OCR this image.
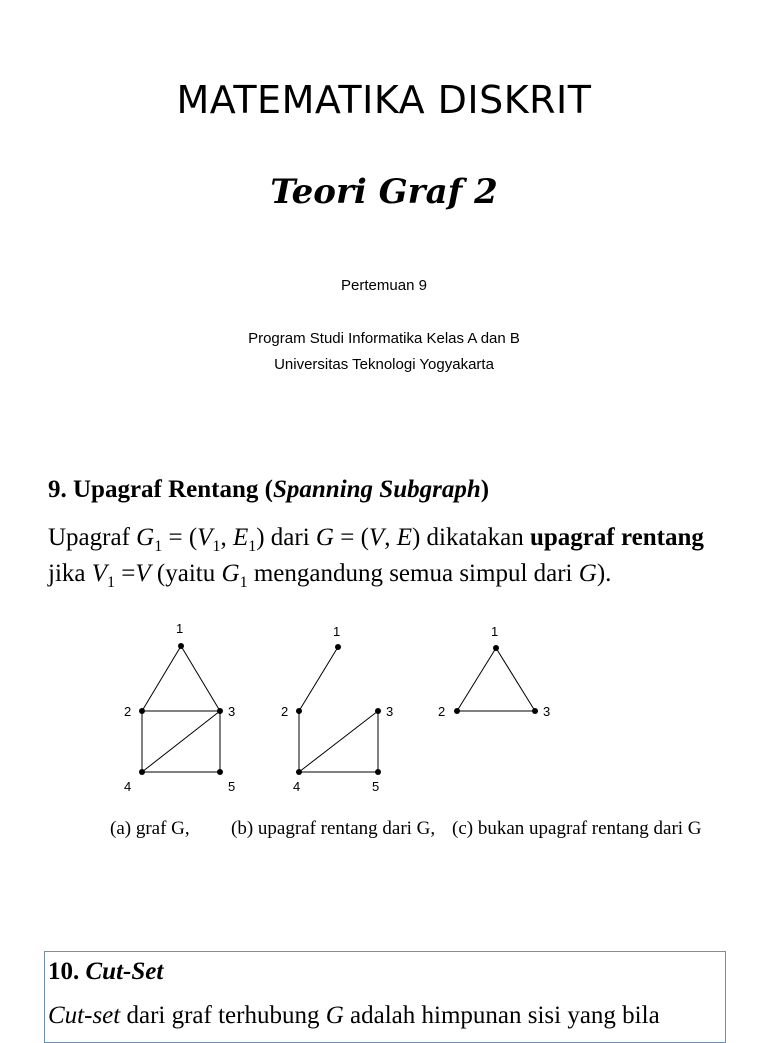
MATEMATIKA DISKRIT
Teori Graf 2
Pertemuan 9
Program Studi Informatika Kelas A dan B
Universitas Teknologi Yogyakarta
9. Upagraf Rentang (Spanning Subgraph)
Upagraf $G_1 = (V_1$, $E_1$) dari G = (V, E) dikatakan upagraf rentang
jika $V_1 =V$ (yaitu $G_1$ mengandung semua simpul dari G).
1
2	3
4	5
1
2	3
4	5
1
2	3
(a) graf G, (b) upagraf rentang dari G, (c) bukan upagraf rentang dari G
10. Cut-Set
Cut-set dari graf terhubung G adalah himpunan sisi yang bila
